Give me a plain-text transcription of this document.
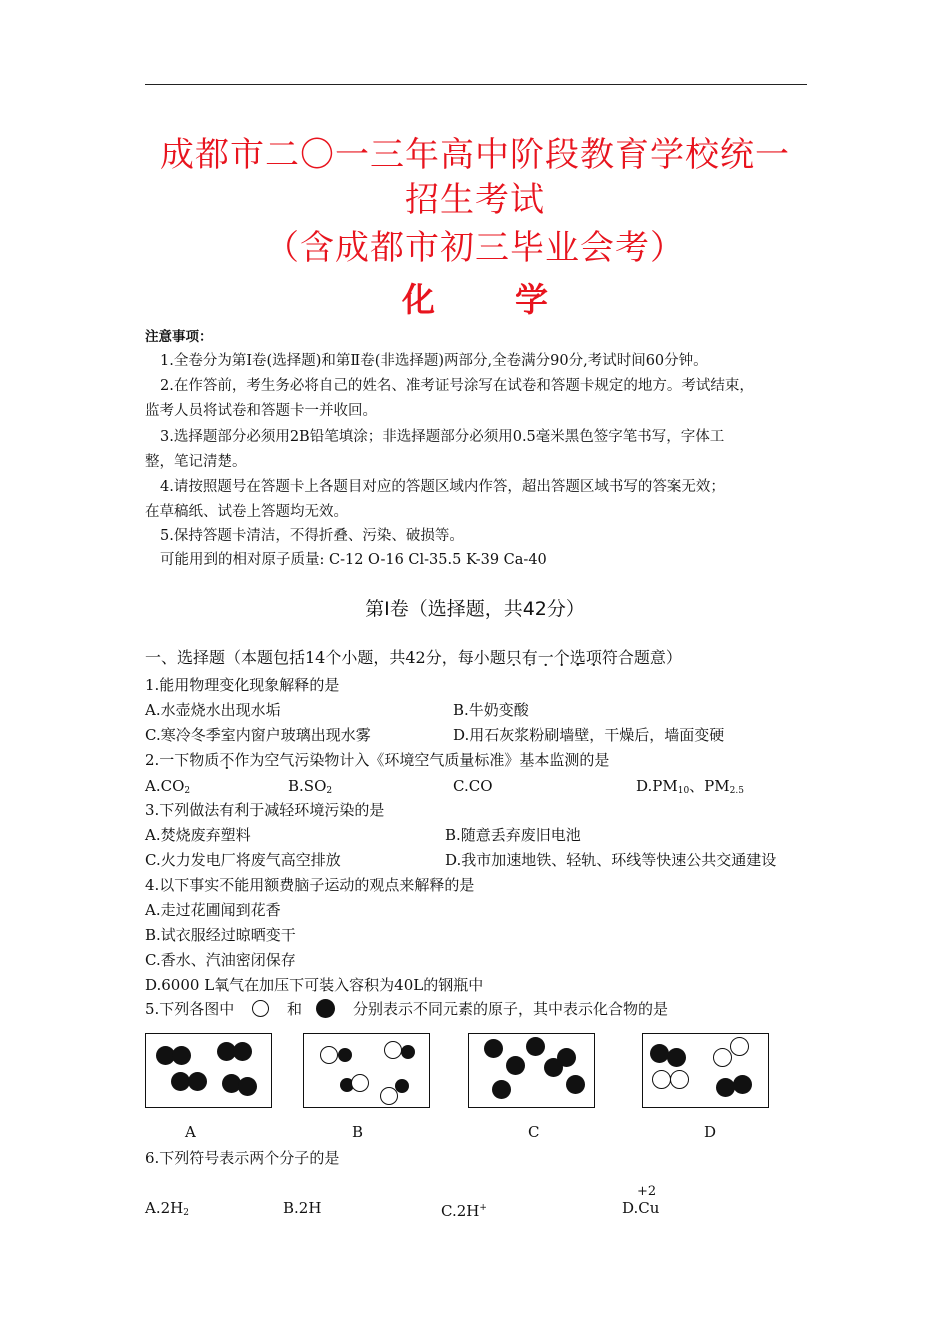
成都市二〇一三年高中阶段教育学校统一
招生考试
（含成都市初三毕业会考）
化 学
注意事项：
1.全卷分为第Ⅰ卷(选择题)和第Ⅱ卷(非选择题)两部分,全卷满分90分,考试时间60分钟。
2.在作答前，考生务必将自己的姓名、准考证号涂写在试卷和答题卡规定的地方。考试结束，
监考人员将试卷和答题卡一并收回。
3.选择题部分必须用2B铅笔填涂；非选择题部分必须用0.5毫米黑色签字笔书写，字体工
整，笔记清楚。
4.请按照题号在答题卡上各题目对应的答题区域内作答，超出答题区域书写的答案无效；
在草稿纸、试卷上答题均无效。
5.保持答题卡清洁，不得折叠、污染、破损等。
可能用到的相对原子质量: C-12 O-16 Cl-35.5 K-39 Ca-40
第Ⅰ卷（选择题，共42分）
一、选择题（本题包括14个小题，共42分，每小题只有一个选项符合题意）
1.能用物理变化现象解释的是
A.水壶烧水出现水垢	B.牛奶变酸
C.寒冷冬季室内窗户玻璃出现水雾	D.用石灰浆粉刷墙壁，干燥后，墙面变硬
2.一下物质不作为空气污染物计入《环境空气质量标准》基本监测的是
$A.CO_2$	$B.SO_2$	C.CO	$D.PM_{10}$、$PM_{2.5}$
3.下列做法有利于减轻环境污染的是
A.焚烧废弃塑料	B.随意丢弃废旧电池
C.火力发电厂将废气高空排放	D.我市加速地铁、轻轨、环线等快速公共交通建设
4.以下事实不能用额费脑子运动的观点来解释的是
A.走过花圃闻到花香
B.试衣服经过晾晒变干
C.香水、汽油密闭保存
D.6000 L氧气在加压下可装入容积为40L的钢瓶中
5.下列各图中	和	分别表示不同元素的原子，其中表示化合物的是
A	B	C	D
6.下列符号表示两个分子的是
$A.2H_2$	B.2H	C.2H+
+2
D.Cu
